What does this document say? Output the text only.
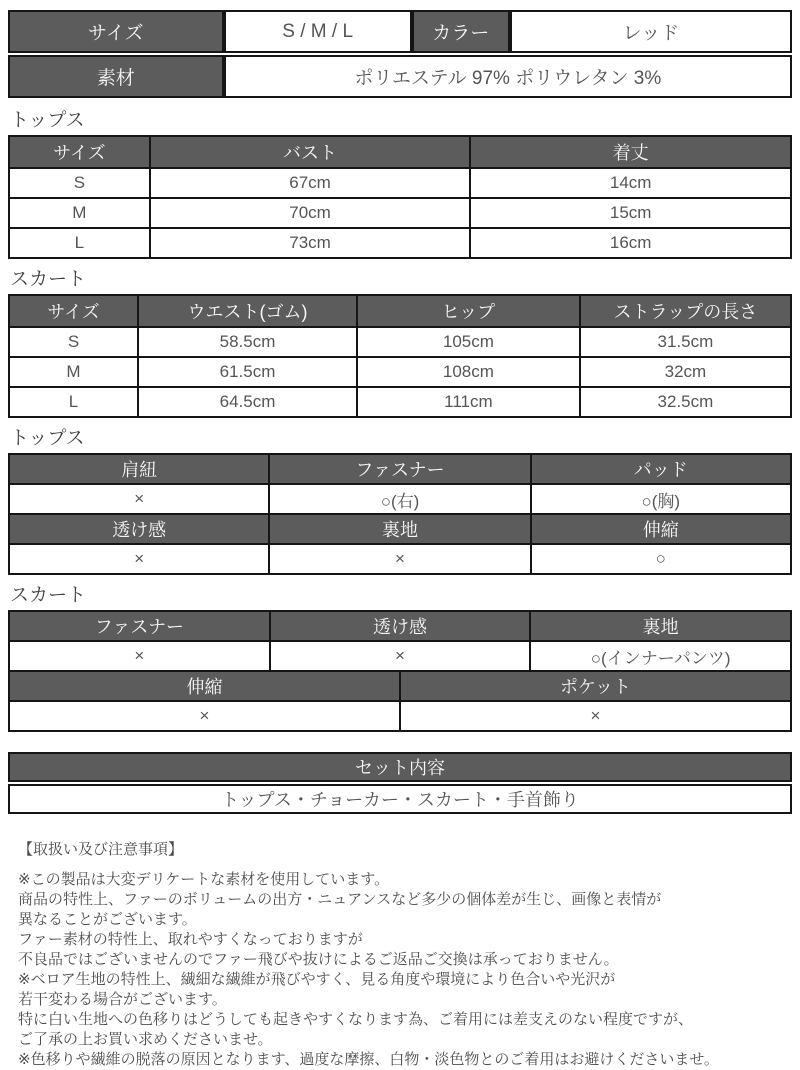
サイズ	S / M / L	カラー	レッド
素材	ポリエステル 97% ポリウレタン 3%		
トップス
サイズ	バスト	着丈
S	67cm	14cm
M	70cm	15cm
L	73cm	16cm
スカート
サイズ	ウエスト(ゴム)	ヒップ	ストラップの長さ
S	58.5cm	105cm	31.5cm
M	61.5cm	108cm	32cm
L	64.5cm	111cm	32.5cm
トップス
肩紐	ファスナー	パッド
×	○(右)	○(胸)
透け感	裏地	伸縮
×	×	○
スカート
ファスナー	透け感		裏地
×	×		○(インナーパンツ)
伸縮		ポケット	
×		×	
セット内容
トップス・チョーカー・スカート・手首飾り
【取扱い及び注意事項】
※この製品は大変デリケートな素材を使用しています。
商品の特性上、ファーのボリュームの出方・ニュアンスなど多少の個体差が生じ、画像と表情が
異なることがございます。
ファー素材の特性上、取れやすくなっておりますが
不良品ではございませんのでファー飛びや抜けによるご返品ご交換は承っておりません。
※ベロア生地の特性上、繊細な繊維が飛びやすく、見る角度や環境により色合いや光沢が
若干変わる場合がございます。
特に白い生地への色移りはどうしても起きやすくなります為、ご着用には差支えのない程度ですが、
ご了承の上お買い求めくださいませ。
※色移りや繊維の脱落の原因となります、過度な摩擦、白物・淡色物とのご着用はお避けくださいませ。
